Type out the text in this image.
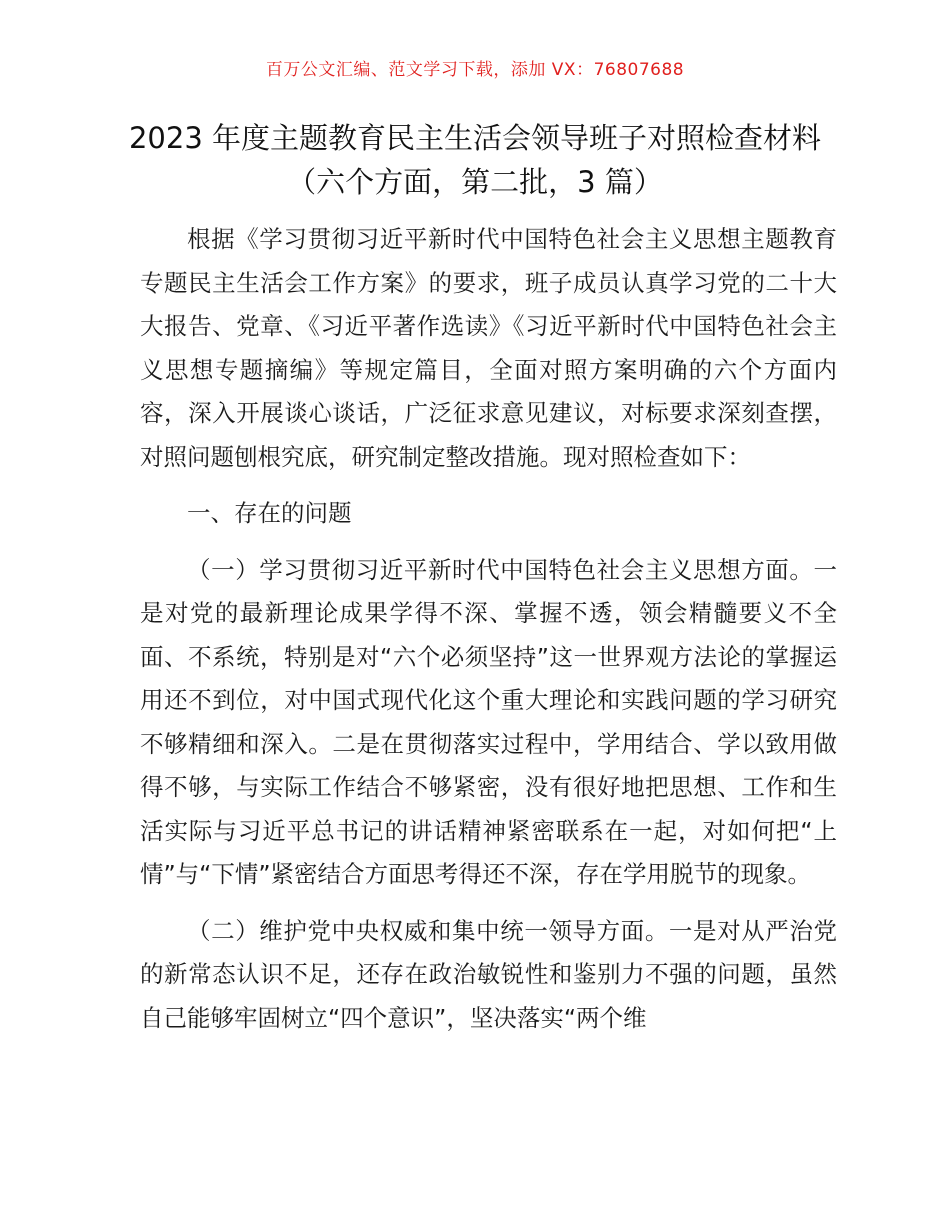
百万公文汇编、范文学习下载，添加 VX：76807688
2023 年度主题教育民主生活会领导班子对照检查材料（六个方面，第二批，3 篇）

根据《学习贯彻习近平新时代中国特色社会主义思想主题教育专题民主生活会工作方案》的要求，班子成员认真学习党的二十大大报告、党章、《习近平著作选读》《习近平新时代中国特色社会主义思想专题摘编》等规定篇目，全面对照方案明确的六个方面内容，深入开展谈心谈话，广泛征求意见建议，对标要求深刻查摆，对照问题刨根究底，研究制定整改措施。现对照检查如下：

一、存在的问题

（一）学习贯彻习近平新时代中国特色社会主义思想方面。一是对党的最新理论成果学得不深、掌握不透，领会精髓要义不全面、不系统，特别是对“六个必须坚持”这一世界观方法论的掌握运用还不到位，对中国式现代化这个重大理论和实践问题的学习研究不够精细和深入。二是在贯彻落实过程中，学用结合、学以致用做得不够，与实际工作结合不够紧密，没有很好地把思想、工作和生活实际与习近平总书记的讲话精神紧密联系在一起，对如何把“上情”与“下情”紧密结合方面思考得还不深，存在学用脱节的现象。

（二）维护党中央权威和集中统一领导方面。一是对从严治党的新常态认识不足，还存在政治敏锐性和鉴别力不强的问题，虽然自己能够牢固树立“四个意识”，坚决落实“两个维
